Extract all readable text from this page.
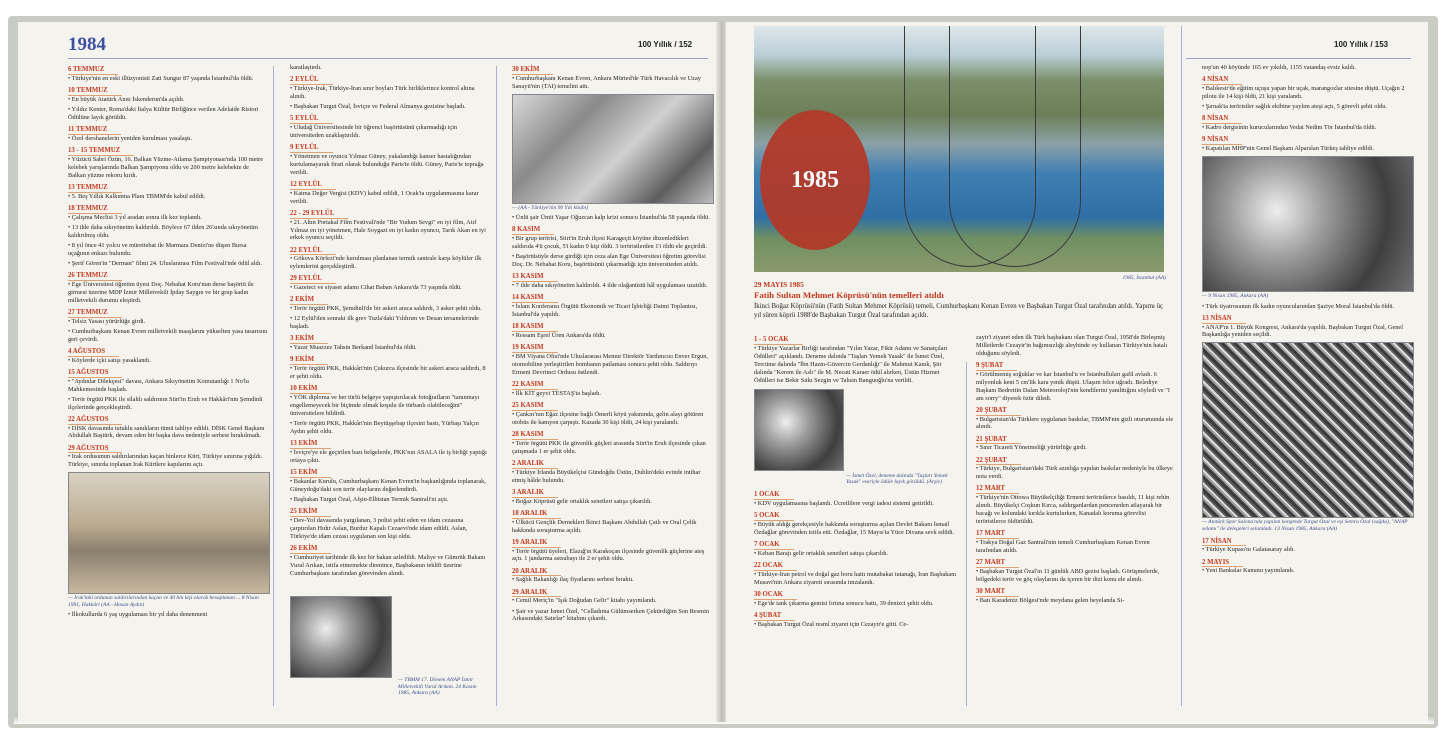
1984	100 Yıllık / 152
6 TEMMUZ

• Türkiye'nin en eski illüzyonisti Zati Sungur 87 yaşında İstanbul'da öldü.

10 TEMMUZ

• En büyük Atatürk Anıtı İskenderun'da açıldı.

• Yıldız Kenter, Roma'daki İtalya Kültür Birliğince verilen Adelaide Ristori Ödülüne layık görüldü.

11 TEMMUZ

• Özel dershanelerin yeniden kurulması yasalaştı.

13 - 15 TEMMUZ

• Yüzücü Sabri Özün, 16. Balkan Yüzme-Atlama Şampiyonası'nda 100 metre kelebek yarışlarında Balkan Şampiyonu oldu ve 200 metre kelebekte de Balkan yüzme rekoru kırdı.

13 TEMMUZ

• 5. Beş Yıllık Kalkınma Planı TBMM'de kabul edildi.

18 TEMMUZ

• Çalışma Meclisi 3 yıl aradan sonra ilk kez toplandı.

• 13 ilde daha sıkıyönetim kaldırıldı. Böylece 67 ilden 26'sında sıkıyönetim kaldırılmış oldu.

• 8 yıl önce 41 yolcu ve mürettebat ile Marmara Denizi'ne düşen Bursa uçağının enkazı bulundu.

• Şerif Gören'in "Derman" filmi 24. Uluslararası Film Festivali'nde ödül aldı.

26 TEMMUZ

• Ege Üniversitesi öğretim üyesi Doç. Nebahat Koru'nun derse başörtü ile girmesi üzerine MDP İzmir Milletvekili İpday Saygın ve bir grup kadın milletvekili durumu eleştirdi.

27 TEMMUZ

• Telsiz Yasası yürürlüğe girdi.

• Cumhurbaşkanı Kenan Evren milletvekili maaşlarını yükselten yasa tasarısını geri çevirdi.

4 AĞUSTOS

• Köylerde içki satışı yasaklandı.

15 AĞUSTOS

• "Aydınlar Dilekçesi" davası, Ankara Sıkıyönetim Komutanlığı 1 No'lu Mahkemesinde başladı.

• Terör örgütü PKK ile silahlı saldırının Siirt'in Eruh ve Hakkâri'nin Şemdinli ilçelerinde gerçekleştirdi.

22 AĞUSTOS

• DİSK davasında tutuklu sanıkların tümü tahliye edildi. DİSK Genel Başkanı Abdullah Baştürk, devam eden bir başka dava nedeniyle serbest bırakılmadı.

29 AĞUSTOS

• Irak ordusunun saldırılarından kaçan binlerce Kürt, Türkiye sınırına yığıldı. Türkiye, sınırda toplanan Irak Kürtlere kapılarını açtı.

— Irak'taki ordunun saldırılarından kaçan ve 40 bin kişi olarak hesaplanan ... 8 Nisan 1991, Hakkâri (AA - Hasan Aydın)

• İlkokullarda 6 yaş uygulaması bir yıl daha denenmeni

karatlaştırdı.

2 EYLÜL

• Türkiye-Irak, Türkiye-İran sınır boyları Türk birliklerince kontrol altına alındı.

• Başbakan Turgut Özal, İsviçre ve Federal Almanya gezisine başladı.

5 EYLÜL

• Uludağ Üniversitesinde bir öğrenci başörtüsünü çıkarmadığı için üniversiteden uzaklaştırıldı.

9 EYLÜL

• Yönetmen ve oyuncu Yılmaz Güney, yakalandığı kanser hastalığından kurtulamayarak firari olarak bulunduğu Paris'te öldü. Güney, Paris'te toprağa verildi.

12 EYLÜL

• Katma Değer Vergisi (KDV) kabul edildi, 1 Ocak'ta uygulanmasına karar verildi.

22 - 29 EYLÜL

• 21. Altın Portakal Film Festivali'nde "Bir Yudum Sevgi" en iyi film, Atıf Yılmaz en iyi yönetmen, Hale Soygazi en iyi kadın oyuncu, Tarık Akan en iyi erkek oyuncu seçildi.

22 EYLÜL

• Gökova Körfezi'nde kurulması planlanan termik santrale karşı köylüler ilk eylemlerini gerçekleştirdi.

29 EYLÜL

• Gazeteci ve siyaset adamı Cihat Baban Ankara'da 73 yaşında öldü.

2 EKİM

• Terör örgütü PKK, Şemdinli'de bir askeri araca saldırdı, 3 asker şehit oldu.

• 12 Eylül'den sonraki ilk grev Tuzla'daki Yıldırım ve Desan tersanelerinde başladı.

3 EKİM

• Yazar Muazzez Tahsin Berkand İstanbul'da öldü.

9 EKİM

• Terör örgütü PKK, Hakkâri'nin Çukurca ilçesinde bir askeri araca saldırdı, 8 er şehit oldu.

10 EKİM

• YÖK diploma ve her türlü belgeye yapıştırılacak fotoğrafların "tanınmayı engellemeyecek bir biçimde olmak koşulu ile türbanlı olabileceğini" üniversitelere bildirdi.

• Terör örgütü PKK, Hakkâri'nin Beytüşşebap ilçesini bastı, Yürbaşı Yalçın Aydın şehit oldu.

13 EKİM

• İsviçre'ye ele geçirilen bazı belgelerde, PKK'nın ASALA ile iş birliği yaptığı ortaya çıktı.

15 EKİM

• Bakanlar Kurulu, Cumhurbaşkanı Kenan Evren'in başkanlığında toplanarak, Güneydoğu'daki son terör olaylarını değerlendirdi.

• Başbakan Turgut Özal, Afşin-Elbistan Termik Santrali'ni açtı.

25 EKİM

• Dev-Yol davasında yargılanan, 3 polisi şehit eden ve idam cezasına çarptırılan Hıdır Aslan, Burdur Kapalı Cezaevi'nde idam edildi. Aslan, Türkiye'de idam cezası uygulanan son kişi oldu.

26 EKİM

• Cumhuriyet tarihinde ilk kez bir bakan azledildi. Maliye ve Gümrük Bakanı Vural Arıkan, istifa etmemekte direnince, Başbakanın teklifi üzerine Cumhurbaşkanı tarafından görevinden alındı.

— TBMM 17. Dönem ANAP İzmir Milletvekili Vural Arıkan. 24 Kasım 1985, Ankara (AA)
30 EKİM

• Cumhurbaşkanı Kenan Evren, Ankara Mürted'de Türk Havacılık ve Uzay Sanayii'nin (TAI) temelini attı.

— (AA - Türkiye'nin 90 Yılı kitabı)

• Ünlü şair Ümit Yaşar Oğuzcan kalp krizi sonucu İstanbul'da 58 yaşında öldü.

8 KASIM

• Bir grup terörist, Siirt'in Eruh ilçesi Karageçit köyüne düzenledikleri saldırıda 4'ü çocuk, 5'i kadın 9 kişi öldü. 3 teröristlerden 1'i öldü ele geçirildi.

• Başörtüsüyle derse girdiği için ceza alan Ege Üniversitesi öğretim görevlisi Doç. Dr. Nebahat Koru, başörtüsünü çıkarmadığı için üniversiteden atıldı.

13 KASIM

• 7 ilde daha sıkıyönetim kaldırıldı. 4 ilde olağanüstü hâl uygulaması uzatıldı.

14 KASIM

• İslam Konferansı Örgütü Ekonomik ve Ticari İşbirliği Daimi Toplantısı, İstanbul'da yapıldı.

18 KASIM

• Ressam Eşref Üren Ankara'da öldü.

19 KASIM

• BM Viyana Ofisi'nde Uluslararası Memur Direktör Yardımcısı Enver Ergun, otomobiline yerleştirilen bombanın patlaması sonucu şehit oldu. Saldırıyı Ermeni Devrimci Ordusu üstlendi.

22 KASIM

• İlk KİT geyvi TESTAŞ'ta başladı.

25 KASIM

• Çankırı'nın Eğaz ilçesine bağlı Ömerli köyü yakınında, gelin alayı götüren otobüs ile kamyon çarpıştı. Kazada 30 kişi öldü, 24 kişi yaralandı.

28 KASIM

• Terör örgütü PKK ile güvenlik güçleri arasında Siirt'in Eruh ilçesinde çıkan çatışmada 1 er şehit oldu.

2 ARALIK

• Türkiye İrlanda Büyükelçisi Gündoğdu Üstün, Dublin'deki evinde intihar etmiş hâlde bulundu.

3 ARALIK

• Boğaz Köprüsü gelir ortaklık senetleri satışa çıkarıldı.

18 ARALIK

• Ülkücü Gençlik Dernekleri İkinci Başkanı Abdullah Çatlı ve Oral Çelik hakkında soruşturma açıldı.

19 ARALIK

• Terör örgütü üyeleri, Elazığ'ın Karakoçan ilçesinde güvenlik güçlerine ateş açtı. 1 jandarma astsubayı ile 2 er şehit oldu.

20 ARALIK

• Sağlık Bakanlığı ilaç fiyatlarını serbest bıraktı.

29 ARALIK

• Cemil Meriç'in "Işık Doğudan Gelir" kitabı yayımlandı.

• Şair ve yazar İsmet Özel, "Celladıma Gülümserken Çektirdiğim Son Resmin Arkasındaki Satırlar" kitabını çıkardı.

100 Yıllık / 153
1985
1985, İstanbul (AA)
29 MAYIS 1985
Fatih Sultan Mehmet Köprüsü'nün temelleri atıldı
İkinci Boğaz Köprüsü'nün (Fatih Sultan Mehmet Köprüsü) temeli, Cumhurbaşkanı Kenan Evren ve Başbakan Turgut Özal tarafından atıldı. Yapımı üç yıl süren köprü 1988'de Başbakan Turgut Özal tarafından açıldı.
1 - 5 OCAK

• Türkiye Yazarlar Birliği tarafından "Yılın Yazar, Fikir Adamı ve Sanatçıları Ödülleri" açıklandı. Deneme dalında "Taşları Yemek Yasak" ile İsmet Özel, Tercüme dalında "İbn Hazm-Güvercin Gerdanlığı" ile Mahmut Kanık, Şiir dalında "Kerem ile Aslı" ile M. Necati Karaer ödül alırken, Üstün Hizmet Ödülleri ise Bekir Sıtkı Sezgin ve Tahsin Banguoğlu'na verildi.

— İsmet Özel, deneme dalında "Taşları Yemek Yasak" eseriyle ödüle layık görüldü. (Arşiv)
1 OCAK

• KDV uygulamasına başlandı. Ücretlilere vergi iadesi sistemi getirildi.

5 OCAK

• Büyük aldığı gerekçesiyle hakkında soruşturma açılan Devlet Bakanı İsmail Özdağlar görevinden istifa etti. Özdağlar, 15 Mayıs'ta Yüce Divana sevk edildi.

7 OCAK

• Keban Barajı gelir ortaklık senetleri satışa çıkarıldı.

22 OCAK

• Türkiye-İran petrol ve doğal gaz boru hattı mutabakat tutanağı, İran Başbakanı Musavi'nin Ankara ziyareti sırasında imzalandı.

30 OCAK

• Ege'de tank çıkarma gemisi fırtına sonucu battı, 39 denizci şehit oldu.

4 ŞUBAT

• Başbakan Turgut Özal resmî ziyaret için Cezayir'e gitti. Ce-

zayir'i ziyaret eden ilk Türk başbakanı olan Turgut Özal, 1958'de Birleşmiş Milletlerde Cezayir'in bağımsızlığı aleyhinde oy kullanan Türkiye'nin hatalı olduğunu söyledi.

9 ŞUBAT

• Görülmemiş soğuklar ve kar İstanbul'u ve İstanbulluları gafil avladı. 6 milyonluk kent 5 cm'lik kara yenik düştü. Ulaşım felce uğradı. Belediye Başkanı Bedrettin Dalan Meteoroloji'nin kendilerini yanılttığını söyledi ve "I am sorry" diyerek özür diledi.

20 ŞUBAT

• Bulgaristan'da Türklere uygulanan baskılar, TBMM'nin gizli oturumunda ele alındı.

21 ŞUBAT

• Sınır Ticareti Yönetmeliği yürürlüğe girdi.

22 ŞUBAT

• Türkiye, Bulgaristan'daki Türk azınlığa yapılan baskılar nedeniyle bu ülkeye nota verdi.

12 MART

• Türkiye'nin Ottowa Büyükelçiliği Ermeni teröristlerce basıldı, 11 kişi rehin alındı. Büyükelçi Coşkun Kırca, saldırganlardan penceneden atlayarak bir bacağı ve kolundaki kırıkla kurtulurken, Kanadalı koruma görevlisi teröristlerce öldürüldü.

17 MART

• Trakya Doğal Gaz Santrali'nin temeli Cumhurbaşkanı Kenan Evren tarafından atıldı.

27 MART

• Başbakan Turgut Özal'ın 11 günlük ABD gezisi başladı. Görüşmelerde, bölgedeki terör ve göç olaylarını da içeren bir dizi konu ele alındı.

30 MART

• Batı Karadeniz Bölgesi'nde meydana gelen heyelanda Si-

nop'un 40 köyünde 165 ev yıkıldı, 1155 vatandaş evsiz kaldı.

4 NİSAN

• Balıkesir'de eğitim uçuşu yapan bir uçak, marangozlar sitesine düştü. Uçağın 2 pilotu ile 14 kişi öldü, 21 kişi yaralandı.

• Şırnak'ta teröristler sağlık ekibine yaylım ateşi açtı, 5 görevli şehit oldu.

8 NİSAN

• Kadro dergisinin kurucularından Vedat Nedim Tör İstanbul'da öldü.

9 NİSAN

• Kapatılan MHP'nin Genel Başkanı Alparslan Türkeş tahliye edildi.

— 9 Nisan 1985, Ankara (AA)

• Türk tiyatrosunun ilk kadın oyuncularından Şaziye Moral İstanbul'da öldü.

13 NİSAN

• ANAP'ın 1. Büyük Kongresi, Ankara'da yapıldı. Başbakan Turgut Özal, Genel Başkanlığa yeniden seçildi.

— Atatürk Spor Salonu'nda yapılan kongrede Turgut Özal ve eşi Semra Özal (sağda), "ANAP selamı" ile delegeleri selamladı. 13 Nisan 1985, Ankara (AA)
17 NİSAN

• Türkiye Kupası'nı Galatasaray aldı.

2 MAYIS

• Yeni Bankalar Kanunu yayımlandı.
